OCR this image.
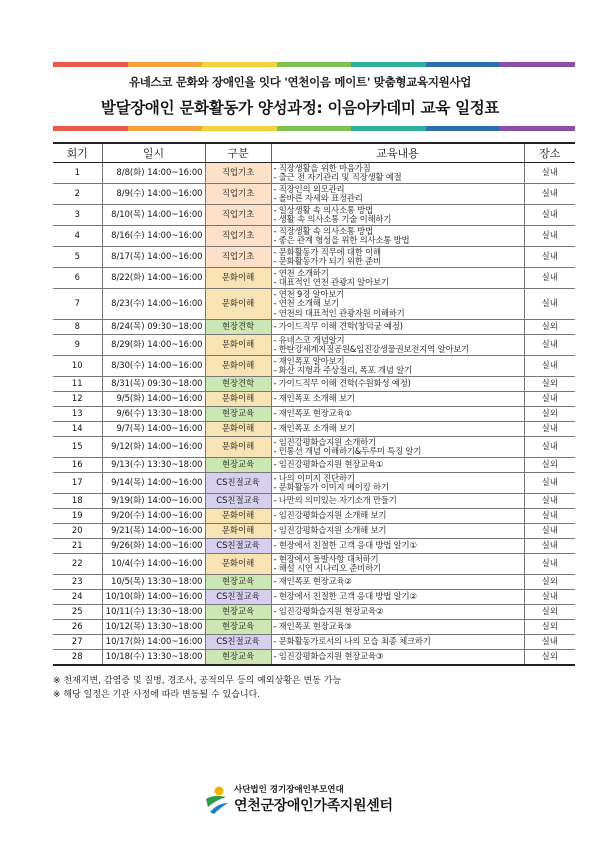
유네스코 문화와 장애인을 잇다 '연천이음 메이트' 맞춤형교육지원사업
발달장애인 문화활동가 양성과정: 이음아카데미 교육 일정표
회기	일시	구분	교육내용	장소
1	8/8(화) 14:00~16:00	직업기초	- 직장생활을 위한 마음가짐
- 출근 전 자기관리 및 직장생활 예절	실내
2	8/9(수) 14:00~16:00	직업기초	- 직장인의 외모관리
- 올바른 자세와 표정관리	실내
3	8/10(목) 14:00~16:00	직업기초	- 일상생활 속 의사소통 방법
- 생활 속 의사소통 기술 이해하기	실내
4	8/16(수) 14:00~16:00	직업기초	- 직장생활 속 의사소통 방법
- 좋은 관계 형성을 위한 의사소통 방법	실내
5	8/17(목) 14:00~16:00	직업기초	- 문화활동가 직무에 대한 이해
- 문화활동가가 되기 위한 준비	실내
6	8/22(화) 14:00~16:00	문화이해	- 연천 소개하기
- 대표적인 연천 관광지 알아보기	실내
7	8/23(수) 14:00~16:00	문화이해	- 연천 9경 알아보기
- 연천 소개해 보기
- 연천의 대표적인 관광자원 이해하기	실내
8	8/24(목) 09:30~18:00	현장견학	- 가이드직무 이해 견학(창덕궁 예정)	실외
9	8/29(화) 14:00~16:00	문화이해	- 유네스코 개념알기
- 한탄강세계지질공원&임진강생물권보전지역 알아보기	실내
10	8/30(수) 14:00~16:00	문화이해	- 재인폭포 알아보기
- 화산 지형과 주상절리, 폭포 개념 알기	실내
11	8/31(목) 09:30~18:00	현장견학	- 가이드직무 이해 견학(수원화성 예정)	실외
12	9/5(화) 14:00~16:00	문화이해	- 재인폭포 소개해 보기	실내
13	9/6(수) 13:30~18:00	현장교육	- 재인폭포 현장교육①	실외
14	9/7(목) 14:00~16:00	문화이해	- 재인폭포 소개해 보기	실내
15	9/12(화) 14:00~16:00	문화이해	- 임진강평화습지원 소개하기
- 민통선 개념 이해하기&두루미 특징 알기	실내
16	9/13(수) 13:30~18:00	현장교육	- 임진강평화습지원 현장교육①	실외
17	9/14(목) 14:00~16:00	CS친절교육	- 나의 이미지 진단하기
- 문화활동가 이미지 메이킹 하기	실내
18	9/19(화) 14:00~16:00	CS친절교육	- 나만의 의미있는 자기소개 만들기	실내
19	9/20(수) 14:00~16:00	문화이해	- 임진강평화습지원 소개해 보기	실내
20	9/21(목) 14:00~16:00	문화이해	- 임진강평화습지원 소개해 보기	실내
21	9/26(화) 14:00~16:00	CS친절교육	- 현장에서 친절한 고객 응대 방법 알기①	실내
22	10/4(수) 14:00~16:00	문화이해	- 현장에서 돌발사항 대처하기
- 해설 시연 시나리오 준비하기	실내
23	10/5(목) 13:30~18:00	현장교육	- 재인폭포 현장교육②	실외
24	10/10(화) 14:00~16:00	CS친절교육	- 현장에서 친절한 고객 응대 방법 알기②	실내
25	10/11(수) 13:30~18:00	현장교육	- 임진강평화습지원 현장교육②	실외
26	10/12(목) 13:30~18:00	현장교육	- 재인폭포 현장교육③	실외
27	10/17(화) 14:00~16:00	CS친절교육	- 문화활동가로서의 나의 모습 최종 체크하기	실내
28	10/18(수) 13:30~18:00	현장교육	- 임진강평화습지원 현장교육③	실외
※ 천재지변, 감염증 및 질병, 경조사, 공적의무 등의 예외상황은 변동 가능
※ 해당 일정은 기관 사정에 따라 변동될 수 있습니다.
사단법인 경기장애인부모연대
연천군장애인가족지원센터
